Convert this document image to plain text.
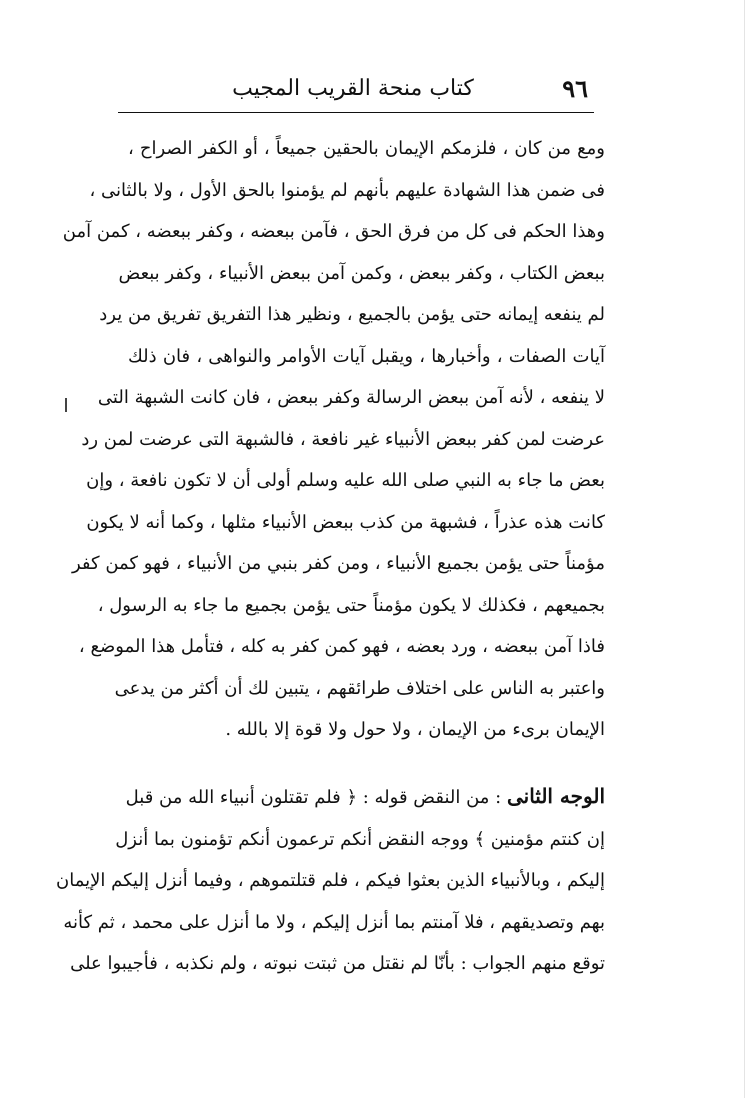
٩٦
كتاب منحة القريب المجيب
ومع من كان ، فلزمكم الإيمان بالحقين جميعاً ، أو الكفر الصراح ،
فى ضمن هذا الشهادة عليهم بأنهم لم يؤمنوا بالحق الأول ، ولا بالثانى ،
وهذا الحكم فى كل من فرق الحق ، فآمن ببعضه ، وكفر ببعضه ، كمن آمن
ببعض الكتاب ، وكفر ببعض ، وكمن آمن ببعض الأنبياء ، وكفر ببعض
لم ينفعه إيمانه حتى يؤمن بالجميع ، ونظير هذا التفريق تفريق من يرد
آيات الصفات ، وأخبارها ، ويقبل آيات الأوامر والنواهى ، فان ذلك
لا ينفعه ، لأنه آمن ببعض الرسالة وكفر ببعض ، فان كانت الشبهة التى
عرضت لمن كفر ببعض الأنبياء غير نافعة ، فالشبهة التى عرضت لمن رد
بعض ما جاء به النبي صلى الله عليه وسلم أولى أن لا تكون نافعة ، وإن
كانت هذه عذراً ، فشبهة من كذب ببعض الأنبياء مثلها ، وكما أنه لا يكون
مؤمناً حتى يؤمن بجميع الأنبياء ، ومن كفر بنبي من الأنبياء ، فهو كمن كفر
بجميعهم ، فكذلك لا يكون مؤمناً حتى يؤمن بجميع ما جاء به الرسول ،
فاذا آمن ببعضه ، ورد بعضه ، فهو كمن كفر به كله ، فتأمل هذا الموضع ،
واعتبر به الناس على اختلاف طرائقهم ، يتبين لك أن أكثر من يدعى
الإيمان برىء من الإيمان ، ولا حول ولا قوة إلا بالله .
الوجه الثانى : من النقض قوله : ﴿ فلم تقتلون أنبياء الله من قبل
إن كنتم مؤمنين ﴾ ووجه النقض أنكم ترعمون أنكم تؤمنون بما أنزل
إليكم ، وبالأنبياء الذين بعثوا فيكم ، فلم قتلتموهم ، وفيما أنزل إليكم الإيمان
بهم وتصديقهم ، فلا آمنتم بما أنزل إليكم ، ولا ما أنزل على محمد ، ثم كأنه
توقع منهم الجواب : بأنّا لم نقتل من ثبتت نبوته ، ولم نكذبه ، فأجيبوا على
